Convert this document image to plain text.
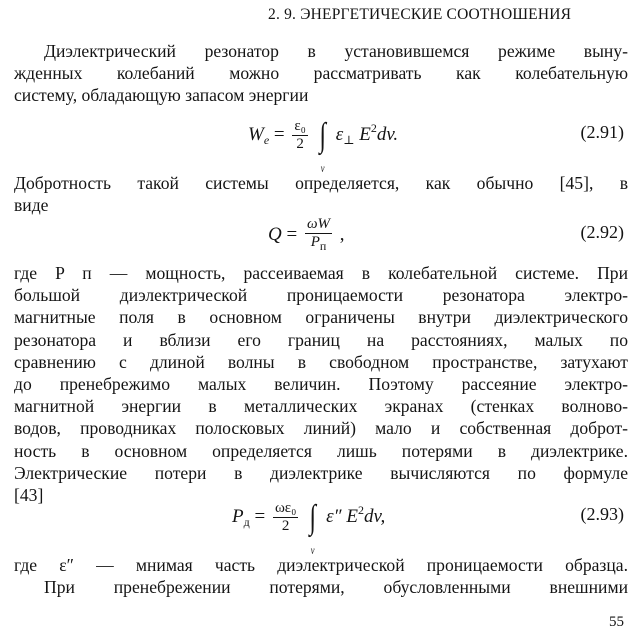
2. 9. ЭНЕРГЕТИЧЕСКИЕ СООТНОШЕНИЯ
Диэлектрический резонатор в установившемся режиме выну-
жденных колебаний можно рассматривать как колебательную
систему, обладающую запасом энергии
$W_e = \frac{\text{ε₀}}{2}$ ∫
v
$\varepsilon_\perp$ $E^2dv$.	(2.91)
Добротность такой системы определяется, как обычно [45], в
виде
$Q = \frac{\omega W}{P_п}$ ,	(2.92)
где P п — мощность, рассеиваемая в колебательной системе. При
большой диэлектрической проницаемости резонатора электро-
магнитные поля в основном ограничены внутри диэлектрического
резонатора и вблизи его границ на расстояниях, малых по
сравнению с длиной волны в свободном пространстве, затухают
до пренебрежимо малых величин. Поэтому рассеяние электро-
магнитной энергии в металлических экранах (стенках волново-
водов, проводниках полосковых линий) мало и собственная доброт-
ность в основном определяется лишь потерями в диэлектрике.
Электрические потери в диэлектрике вычисляются по формуле
[43]
$P_д = \frac{\text{ωε₀}}{2}$ ∫
v
ε″ $E^2dv$,	(2.93)
где ε″ — мнимая часть диэлектрической проницаемости образца.
При пренебрежении потерями, обусловленными внешними
55
